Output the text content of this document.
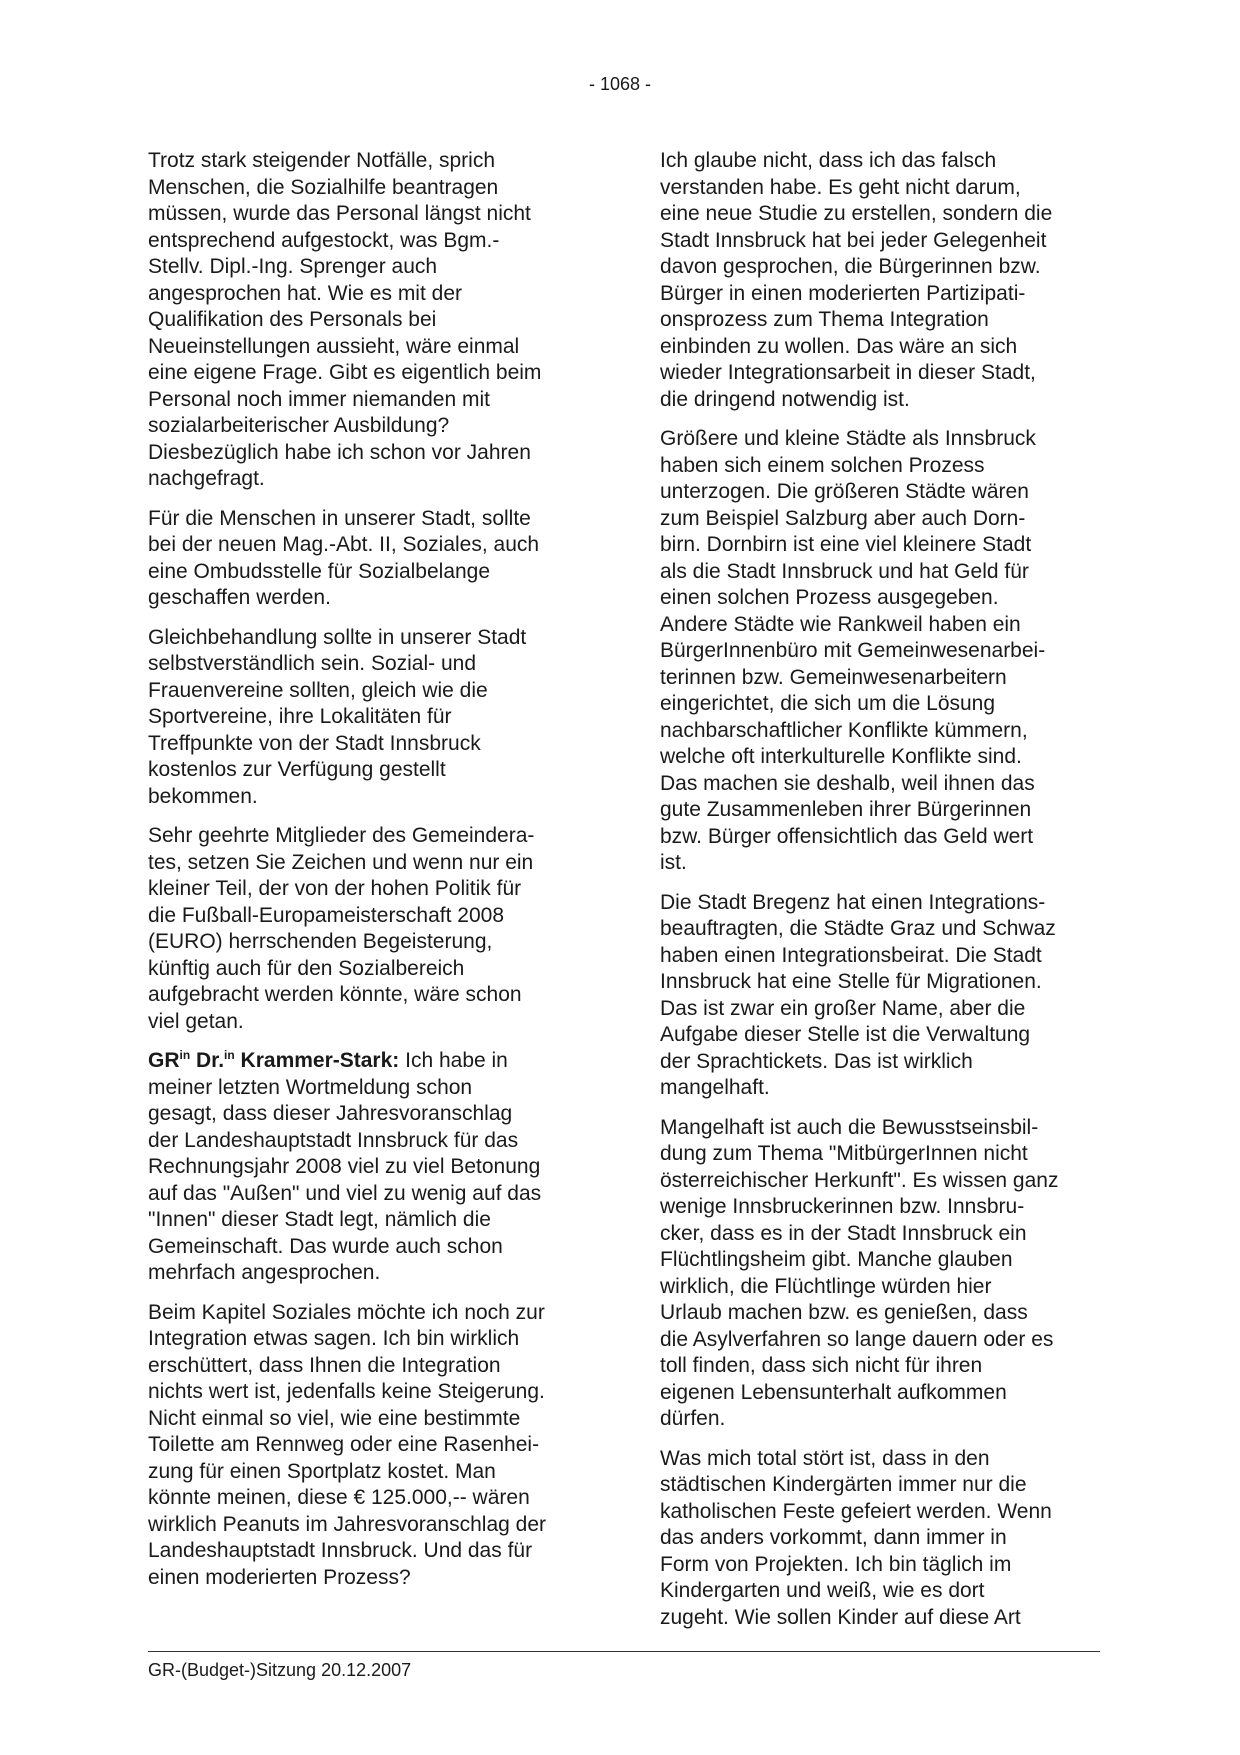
- 1068 -

Trotz stark steigender Notfälle, sprich
Menschen, die Sozialhilfe beantragen
müssen, wurde das Personal längst nicht
entsprechend aufgestockt, was Bgm.-
Stellv. Dipl.-Ing. Sprenger auch
angesprochen hat. Wie es mit der
Qualifikation des Personals bei
Neueinstellungen aussieht, wäre einmal
eine eigene Frage. Gibt es eigentlich beim
Personal noch immer niemanden mit
sozialarbeiterischer Ausbildung?
Diesbezüglich habe ich schon vor Jahren
nachgefragt.

Für die Menschen in unserer Stadt, sollte
bei der neuen Mag.-Abt. II, Soziales, auch
eine Ombudsstelle für Sozialbelange
geschaffen werden.

Gleichbehandlung sollte in unserer Stadt
selbstverständlich sein. Sozial- und
Frauenvereine sollten, gleich wie die
Sportvereine, ihre Lokalitäten für
Treffpunkte von der Stadt Innsbruck
kostenlos zur Verfügung gestellt
bekommen.

Sehr geehrte Mitglieder des Gemeindera-
tes, setzen Sie Zeichen und wenn nur ein
kleiner Teil, der von der hohen Politik für
die Fußball-Europameisterschaft 2008
(EURO) herrschenden Begeisterung,
künftig auch für den Sozialbereich
aufgebracht werden könnte, wäre schon
viel getan.

$GR^{in}$ Dr.$^{in}$ Krammer-Stark: Ich habe in
meiner letzten Wortmeldung schon
gesagt, dass dieser Jahresvoranschlag
der Landeshauptstadt Innsbruck für das
Rechnungsjahr 2008 viel zu viel Betonung
auf das "Außen" und viel zu wenig auf das
"Innen" dieser Stadt legt, nämlich die
Gemeinschaft. Das wurde auch schon
mehrfach angesprochen.

Beim Kapitel Soziales möchte ich noch zur
Integration etwas sagen. Ich bin wirklich
erschüttert, dass Ihnen die Integration
nichts wert ist, jedenfalls keine Steigerung.
Nicht einmal so viel, wie eine bestimmte
Toilette am Rennweg oder eine Rasenhei-
zung für einen Sportplatz kostet. Man
könnte meinen, diese € 125.000,-- wären
wirklich Peanuts im Jahresvoranschlag der
Landeshauptstadt Innsbruck. Und das für
einen moderierten Prozess?

Ich glaube nicht, dass ich das falsch
verstanden habe. Es geht nicht darum,
eine neue Studie zu erstellen, sondern die
Stadt Innsbruck hat bei jeder Gelegenheit
davon gesprochen, die Bürgerinnen bzw.
Bürger in einen moderierten Partizipati-
onsprozess zum Thema Integration
einbinden zu wollen. Das wäre an sich
wieder Integrationsarbeit in dieser Stadt,
die dringend notwendig ist.

Größere und kleine Städte als Innsbruck
haben sich einem solchen Prozess
unterzogen. Die größeren Städte wären
zum Beispiel Salzburg aber auch Dorn-
birn. Dornbirn ist eine viel kleinere Stadt
als die Stadt Innsbruck und hat Geld für
einen solchen Prozess ausgegeben.
Andere Städte wie Rankweil haben ein
BürgerInnenbüro mit Gemeinwesenarbei-
terinnen bzw. Gemeinwesenarbeitern
eingerichtet, die sich um die Lösung
nachbarschaftlicher Konflikte kümmern,
welche oft interkulturelle Konflikte sind.
Das machen sie deshalb, weil ihnen das
gute Zusammenleben ihrer Bürgerinnen
bzw. Bürger offensichtlich das Geld wert
ist.

Die Stadt Bregenz hat einen Integrations-
beauftragten, die Städte Graz und Schwaz
haben einen Integrationsbeirat. Die Stadt
Innsbruck hat eine Stelle für Migrationen.
Das ist zwar ein großer Name, aber die
Aufgabe dieser Stelle ist die Verwaltung
der Sprachtickets. Das ist wirklich
mangelhaft.

Mangelhaft ist auch die Bewusstseinsbil-
dung zum Thema "MitbürgerInnen nicht
österreichischer Herkunft". Es wissen ganz
wenige Innsbruckerinnen bzw. Innsbru-
cker, dass es in der Stadt Innsbruck ein
Flüchtlingsheim gibt. Manche glauben
wirklich, die Flüchtlinge würden hier
Urlaub machen bzw. es genießen, dass
die Asylverfahren so lange dauern oder es
toll finden, dass sich nicht für ihren
eigenen Lebensunterhalt aufkommen
dürfen.

Was mich total stört ist, dass in den
städtischen Kindergärten immer nur die
katholischen Feste gefeiert werden. Wenn
das anders vorkommt, dann immer in
Form von Projekten. Ich bin täglich im
Kindergarten und weiß, wie es dort
zugeht. Wie sollen Kinder auf diese Art

GR-(Budget-)Sitzung 20.12.2007
